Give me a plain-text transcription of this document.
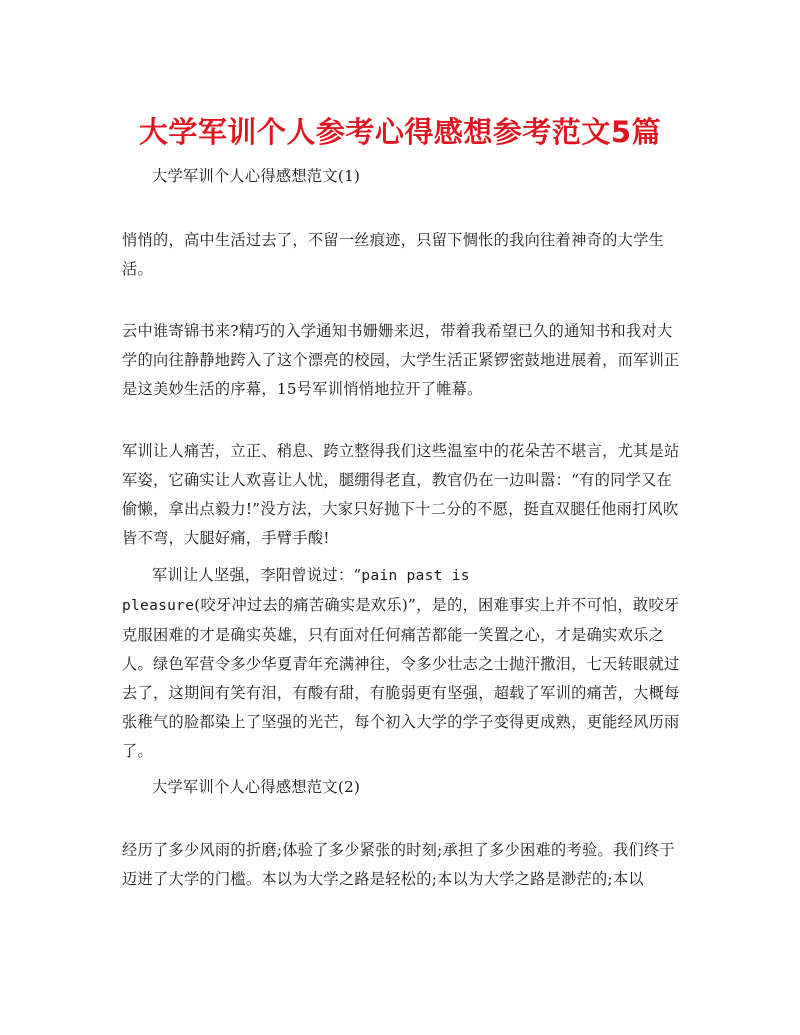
大学军训个人参考心得感想参考范文5篇

大学军训个人心得感想范文(1)

悄悄的，高中生活过去了，不留一丝痕迹，只留下惆怅的我向往着神奇的大学生活。

云中谁寄锦书来?精巧的入学通知书姗姗来迟，带着我希望已久的通知书和我对大学的向往静静地跨入了这个漂亮的校园，大学生活正紧锣密鼓地进展着，而军训正是这美妙生活的序幕，15号军训悄悄地拉开了帷幕。

军训让人痛苦，立正、稍息、跨立整得我们这些温室中的花朵苦不堪言，尤其是站军姿，它确实让人欢喜让人忧，腿绷得老直，教官仍在一边叫嚣：“有的同学又在偷懒，拿出点毅力!”没方法，大家只好抛下十二分的不愿，挺直双腿任他雨打风吹皆不弯，大腿好痛，手臂手酸!

军训让人坚强，李阳曾说过：“pain past is
pleasure(咬牙冲过去的痛苦确实是欢乐)”，是的，困难事实上并不可怕，敢咬牙克服困难的才是确实英雄，只有面对任何痛苦都能一笑置之心，才是确实欢乐之人。绿色军营令多少华夏青年充满神往，令多少壮志之士抛汗撒泪，七天转眼就过去了，这期间有笑有泪，有酸有甜，有脆弱更有坚强，超载了军训的痛苦，大概每张稚气的脸都染上了坚强的光芒，每个初入大学的学子变得更成熟，更能经风历雨了。

大学军训个人心得感想范文(2)

经历了多少风雨的折磨;体验了多少紧张的时刻;承担了多少困难的考验。我们终于迈进了大学的门槛。本以为大学之路是轻松的;本以为大学之路是渺茫的;本以
